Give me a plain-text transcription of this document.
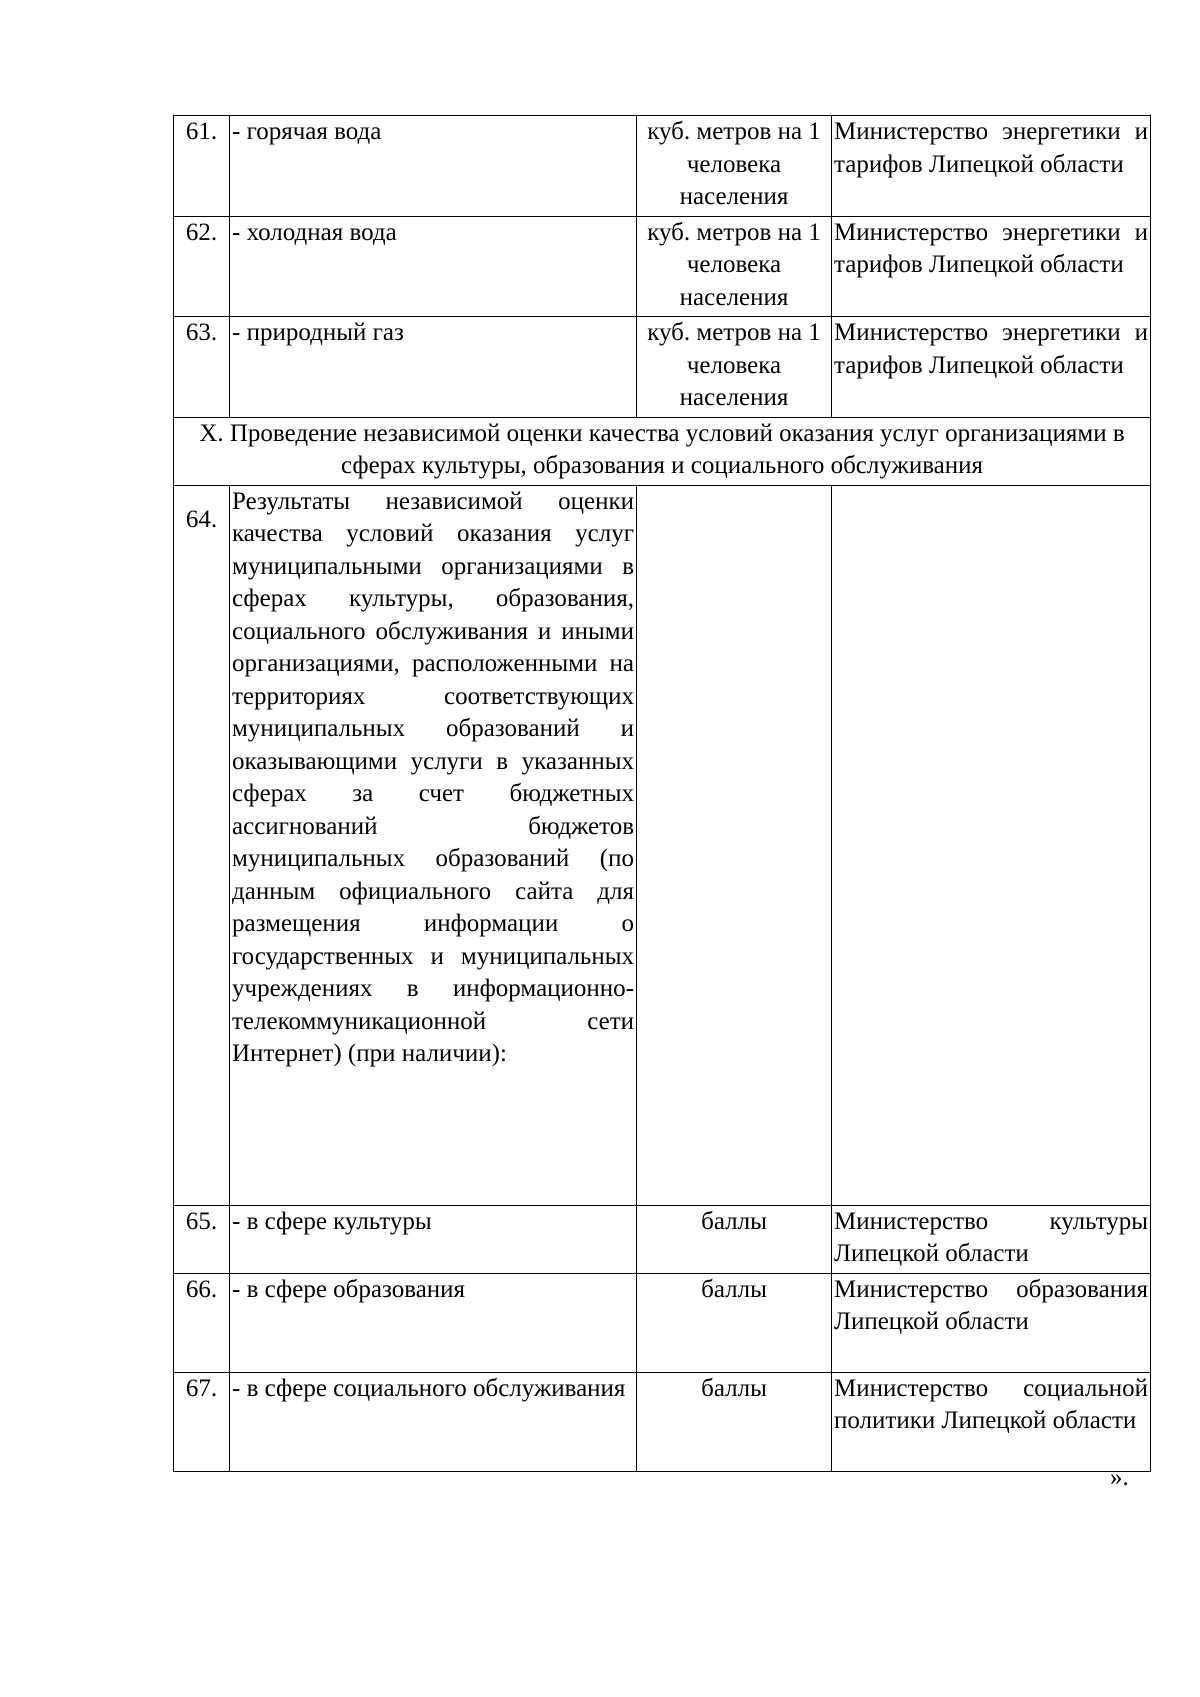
61.	- горячая вода	куб. метров на 1 человека населения	Министерство энергетики и тарифов Липецкой области
62.	- холодная вода	куб. метров на 1 человека населения	Министерство энергетики и тарифов Липецкой области
63.	- природный газ	куб. метров на 1 человека населения	Министерство энергетики и тарифов Липецкой области
X. Проведение независимой оценки качества условий оказания услуг организациями в сферах культуры, образования и социального обслуживания			
64.	Результаты независимой оценки качества условий оказания услуг муниципальными организациями в сферах культуры, образования, социального обслуживания и иными организациями, расположенными на территориях соответствующих муниципальных образований и оказывающими услуги в указанных сферах за счет бюджетных ассигнований бюджетов муниципальных образований (по данным официального сайта для размещения информации о государственных и муниципальных учреждениях в информационно-телекоммуникационной сети Интернет) (при наличии):		
65.	- в сфере культуры	баллы	Министерство культуры Липецкой области
66.	- в сфере образования	баллы	Министерство образования Липецкой области
67.	- в сфере социального обслуживания	баллы	Министерство социальной политики Липецкой области
».
